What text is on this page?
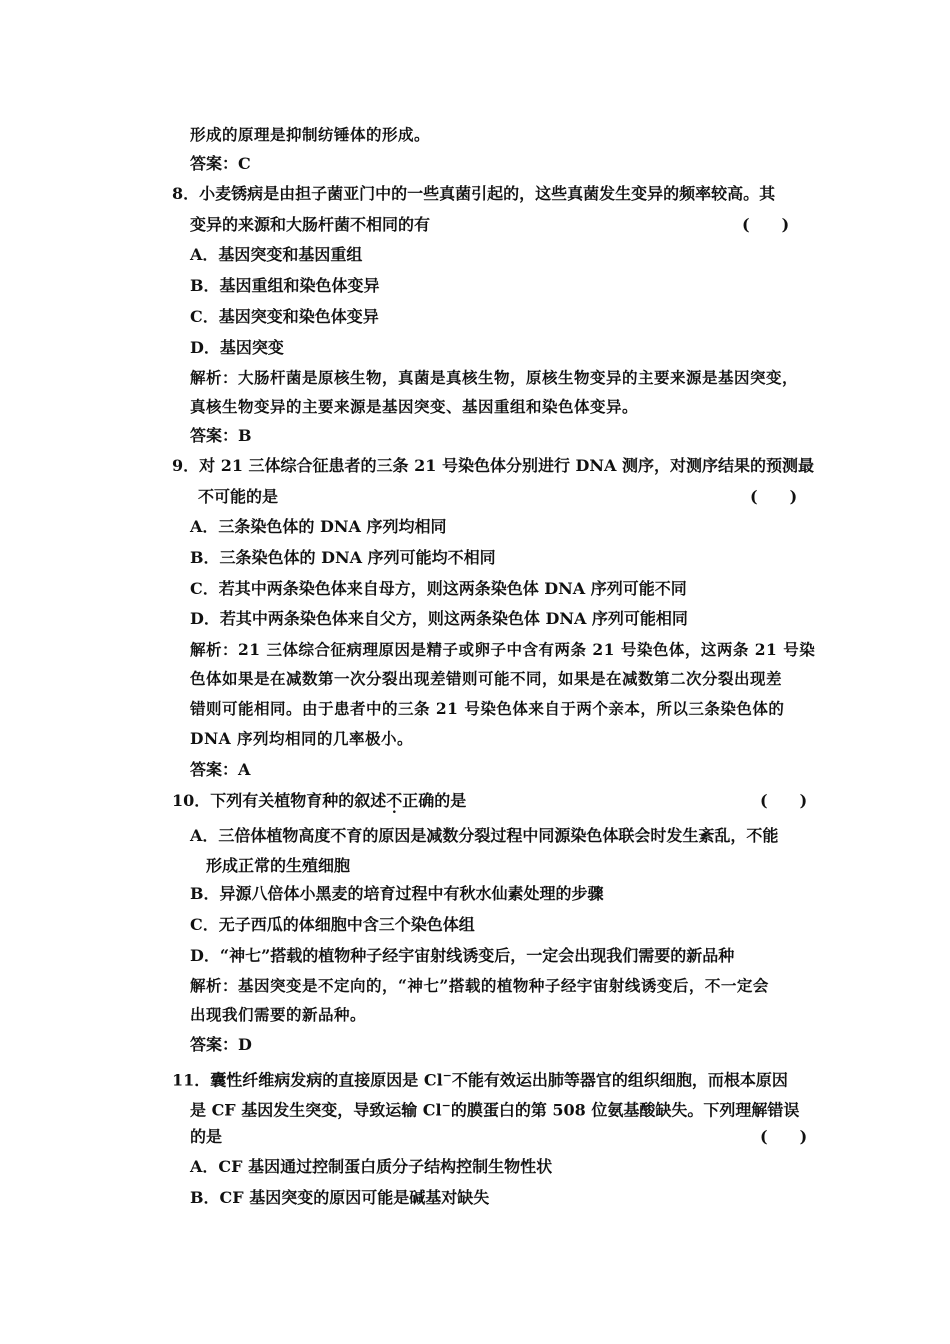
形成的原理是抑制纺锤体的形成。
答案：C
8．小麦锈病是由担子菌亚门中的一些真菌引起的，这些真菌发生变异的频率较高。其
变异的来源和大肠杆菌不相同的有	(　　)
A．基因突变和基因重组
B．基因重组和染色体变异
C．基因突变和染色体变异
D．基因突变
解析：大肠杆菌是原核生物，真菌是真核生物，原核生物变异的主要来源是基因突变，
真核生物变异的主要来源是基因突变、基因重组和染色体变异。
答案：B
9．对 21 三体综合征患者的三条 21 号染色体分别进行 DNA 测序，对测序结果的预测最
不可能的是	(　　)
A．三条染色体的 DNA 序列均相同
B．三条染色体的 DNA 序列可能均不相同
C．若其中两条染色体来自母方，则这两条染色体 DNA 序列可能不同
D．若其中两条染色体来自父方，则这两条染色体 DNA 序列可能相同
解析：21 三体综合征病理原因是精子或卵子中含有两条 21 号染色体，这两条 21 号染
色体如果是在减数第一次分裂出现差错则可能不同，如果是在减数第二次分裂出现差
错则可能相同。由于患者中的三条 21 号染色体来自于两个亲本，所以三条染色体的
DNA 序列均相同的几率极小。
答案：A
10．下列有关植物育种的叙述不正确的是	(　　)
A．三倍体植物高度不育的原因是减数分裂过程中同源染色体联会时发生紊乱，不能
形成正常的生殖细胞
B．异源八倍体小黑麦的培育过程中有秋水仙素处理的步骤
C．无子西瓜的体细胞中含三个染色体组
D．“神七”搭载的植物种子经宇宙射线诱变后，一定会出现我们需要的新品种
解析：基因突变是不定向的，“神七”搭载的植物种子经宇宙射线诱变后，不一定会
出现我们需要的新品种。
答案：D
11．囊性纤维病发病的直接原因是 Cl−不能有效运出肺等器官的组织细胞，而根本原因
是 CF 基因发生突变，导致运输 Cl−的膜蛋白的第 508 位氨基酸缺失。下列理解错误
的是	(　　)
A．CF 基因通过控制蛋白质分子结构控制生物性状
B．CF 基因突变的原因可能是碱基对缺失
